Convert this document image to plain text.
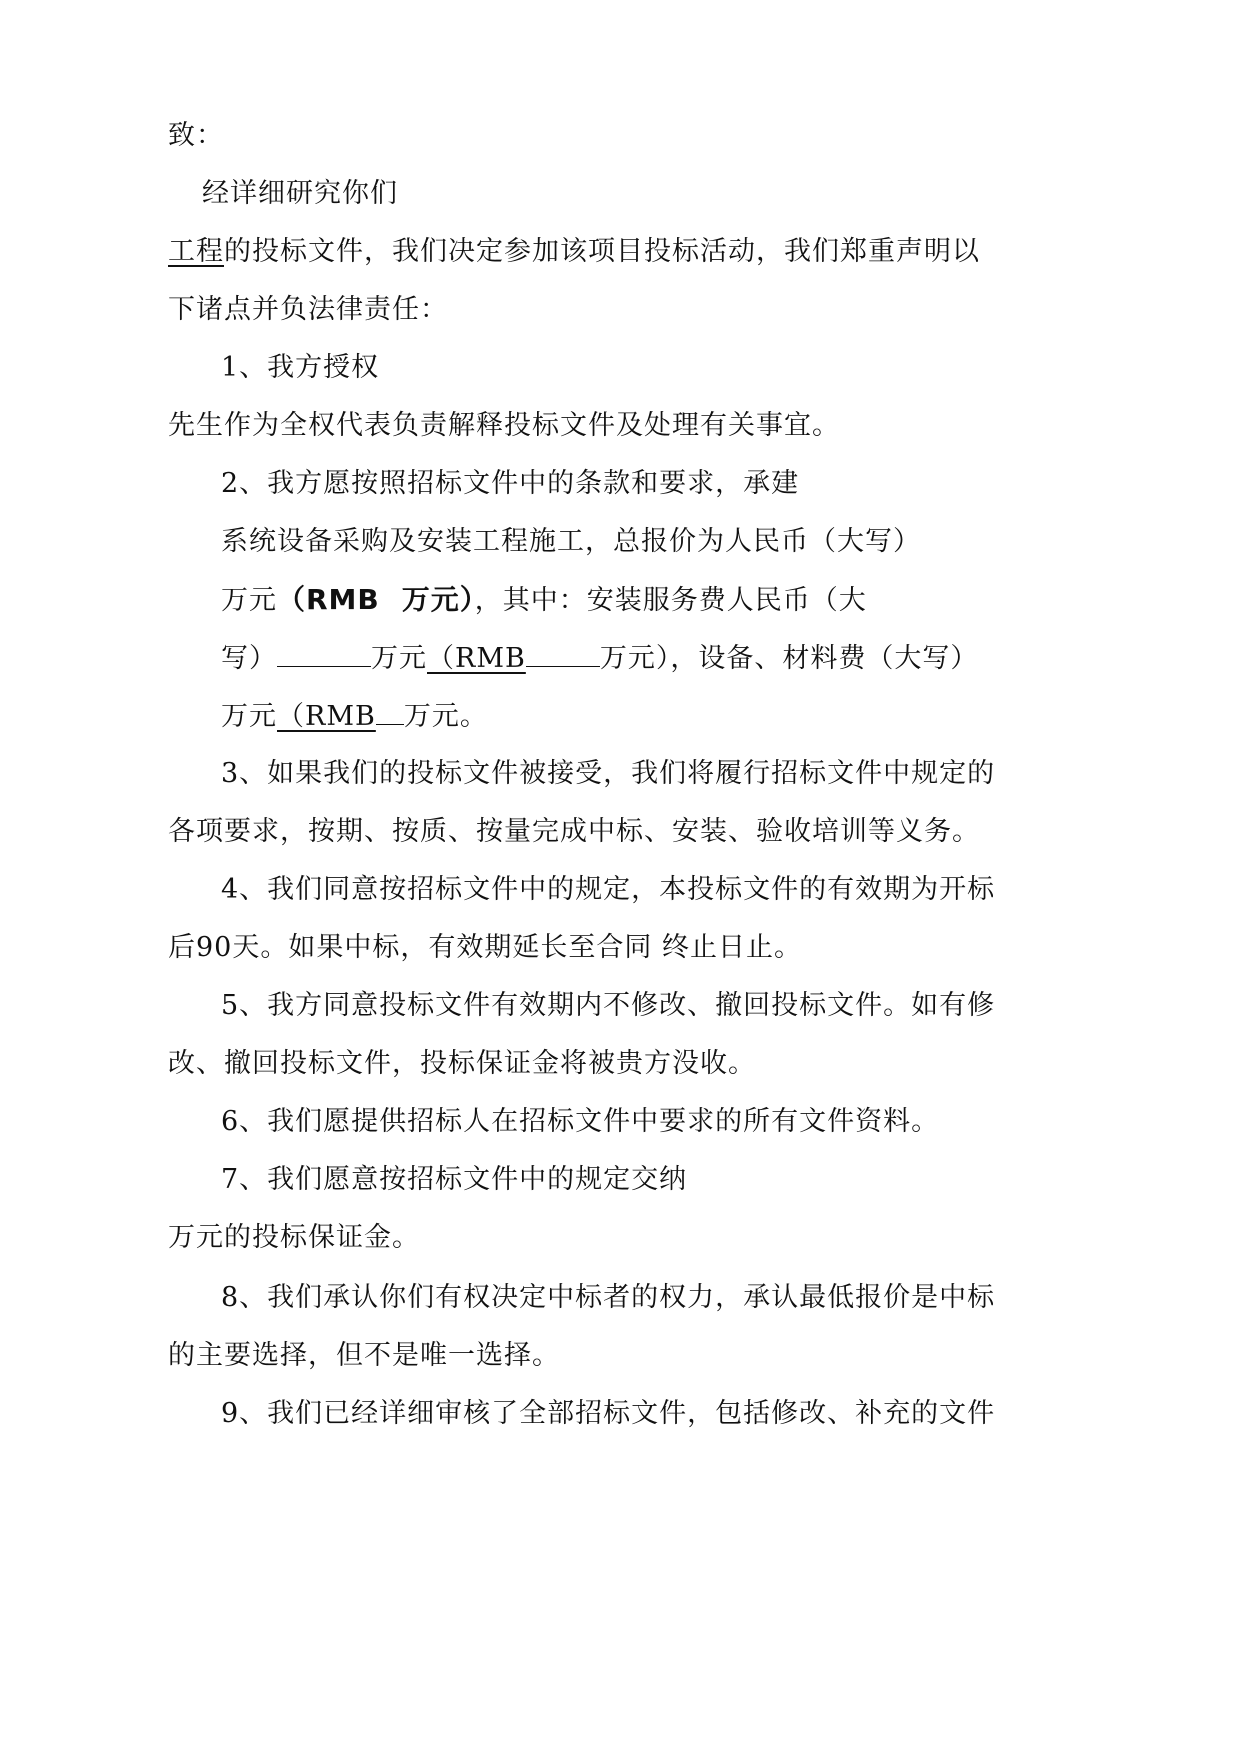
致：
经详细研究你们
工程的投标文件，我们决定参加该项目投标活动，我们郑重声明以
下诸点并负法律责任：
1、我方授权
先生作为全权代表负责解释投标文件及处理有关事宜。
2、我方愿按照招标文件中的条款和要求，承建
系统设备采购及安装工程施工，总报价为人民币（大写）
万元（RMB 万元），其中：安装服务费人民币（大
写）	万元（RMB	万元），设备、材料费（大写）
万元（RMB 万元。
3、如果我们的投标文件被接受，我们将履行招标文件中规定的
各项要求，按期、按质、按量完成中标、安装、验收培训等义务。
4、我们同意按招标文件中的规定，本投标文件的有效期为开标
后90天。如果中标，有效期延长至合同 终止日止。
5、我方同意投标文件有效期内不修改、撤回投标文件。如有修
改、撤回投标文件，投标保证金将被贵方没收。
6、我们愿提供招标人在招标文件中要求的所有文件资料。
7、我们愿意按招标文件中的规定交纳
万元的投标保证金。
8、我们承认你们有权决定中标者的权力，承认最低报价是中标
的主要选择，但不是唯一选择。
9、我们已经详细审核了全部招标文件，包括修改、补充的文件
